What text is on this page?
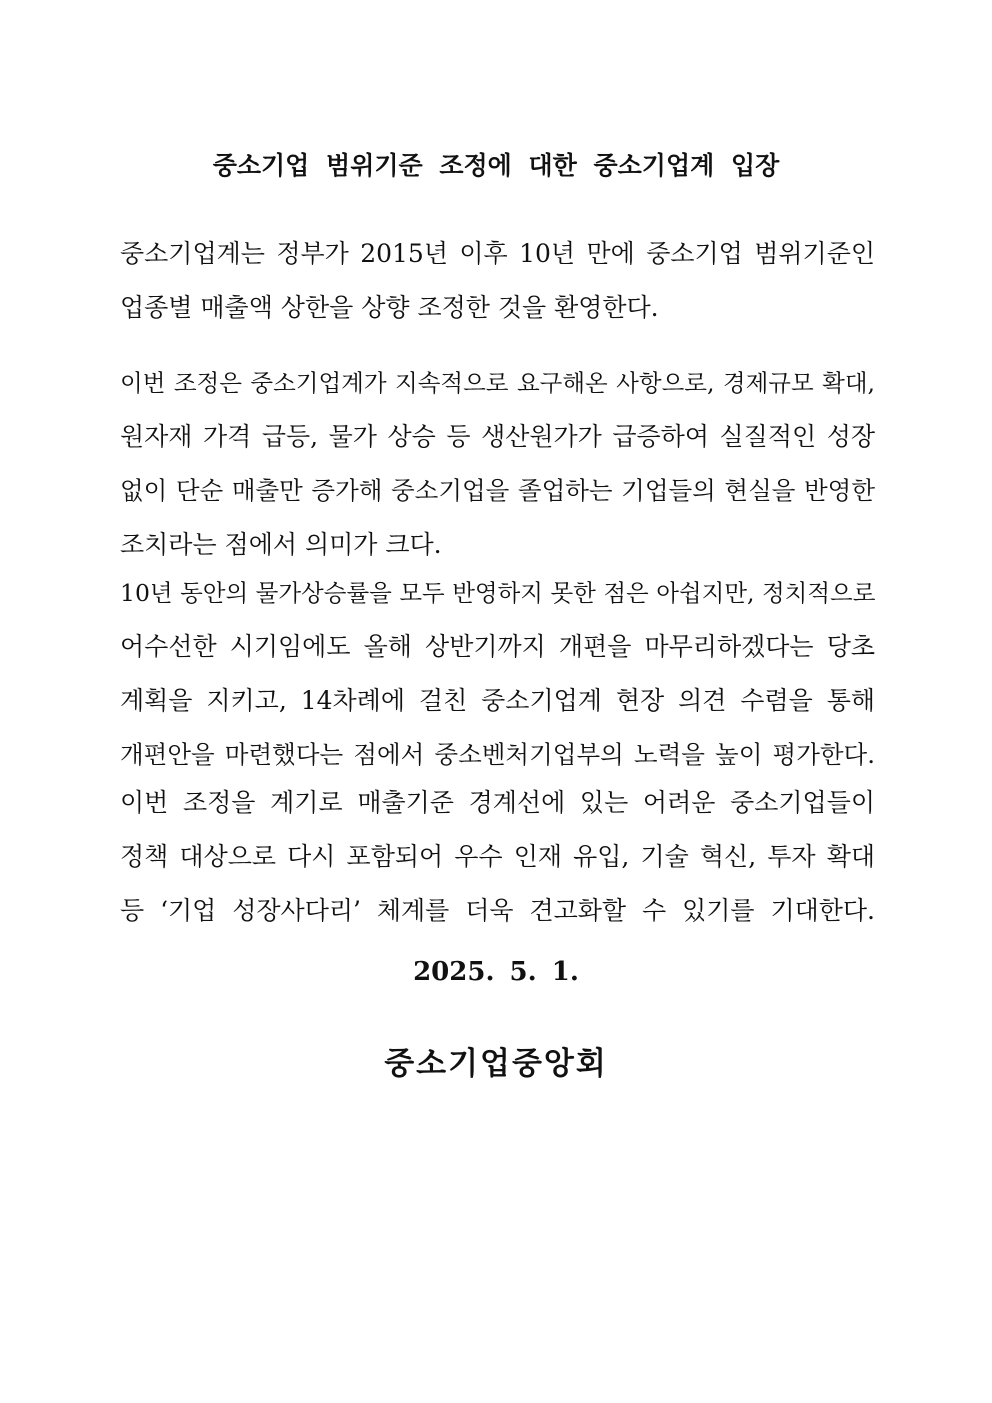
중소기업 범위기준 조정에 대한 중소기업계 입장
중소기업계는 정부가 2015년 이후 10년 만에 중소기업 범위기준인
업종별 매출액 상한을 상향 조정한 것을 환영한다.
이번 조정은 중소기업계가 지속적으로 요구해온 사항으로, 경제규모 확대,
원자재 가격 급등, 물가 상승 등 생산원가가 급증하여 실질적인 성장
없이 단순 매출만 증가해 중소기업을 졸업하는 기업들의 현실을 반영한
조치라는 점에서 의미가 크다.
10년 동안의 물가상승률을 모두 반영하지 못한 점은 아쉽지만, 정치적으로
어수선한 시기임에도 올해 상반기까지 개편을 마무리하겠다는 당초
계획을 지키고, 14차례에 걸친 중소기업계 현장 의견 수렴을 통해
개편안을 마련했다는 점에서 중소벤처기업부의 노력을 높이 평가한다.
이번 조정을 계기로 매출기준 경계선에 있는 어려운 중소기업들이
정책 대상으로 다시 포함되어 우수 인재 유입, 기술 혁신, 투자 확대
등 ‘기업 성장사다리’ 체계를 더욱 견고화할 수 있기를 기대한다.
2025. 5. 1.
중소기업중앙회
